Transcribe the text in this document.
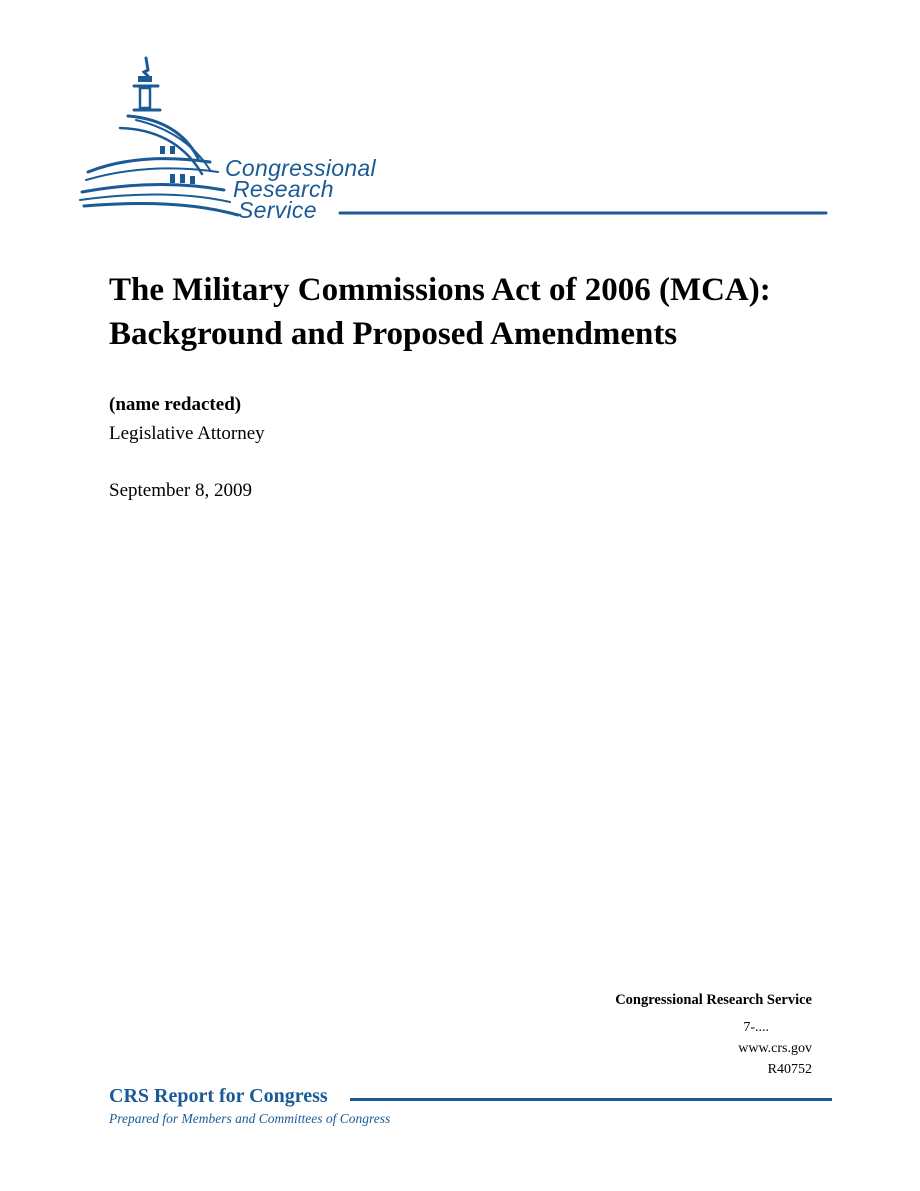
Congressional
Research
Service
The Military Commissions Act of 2006 (MCA):
Background and Proposed Amendments
(name redacted)
Legislative Attorney
September 8, 2009
Congressional Research Service
7-....
www.crs.gov
R40752
CRS Report for Congress
Prepared for Members and Committees of Congress
